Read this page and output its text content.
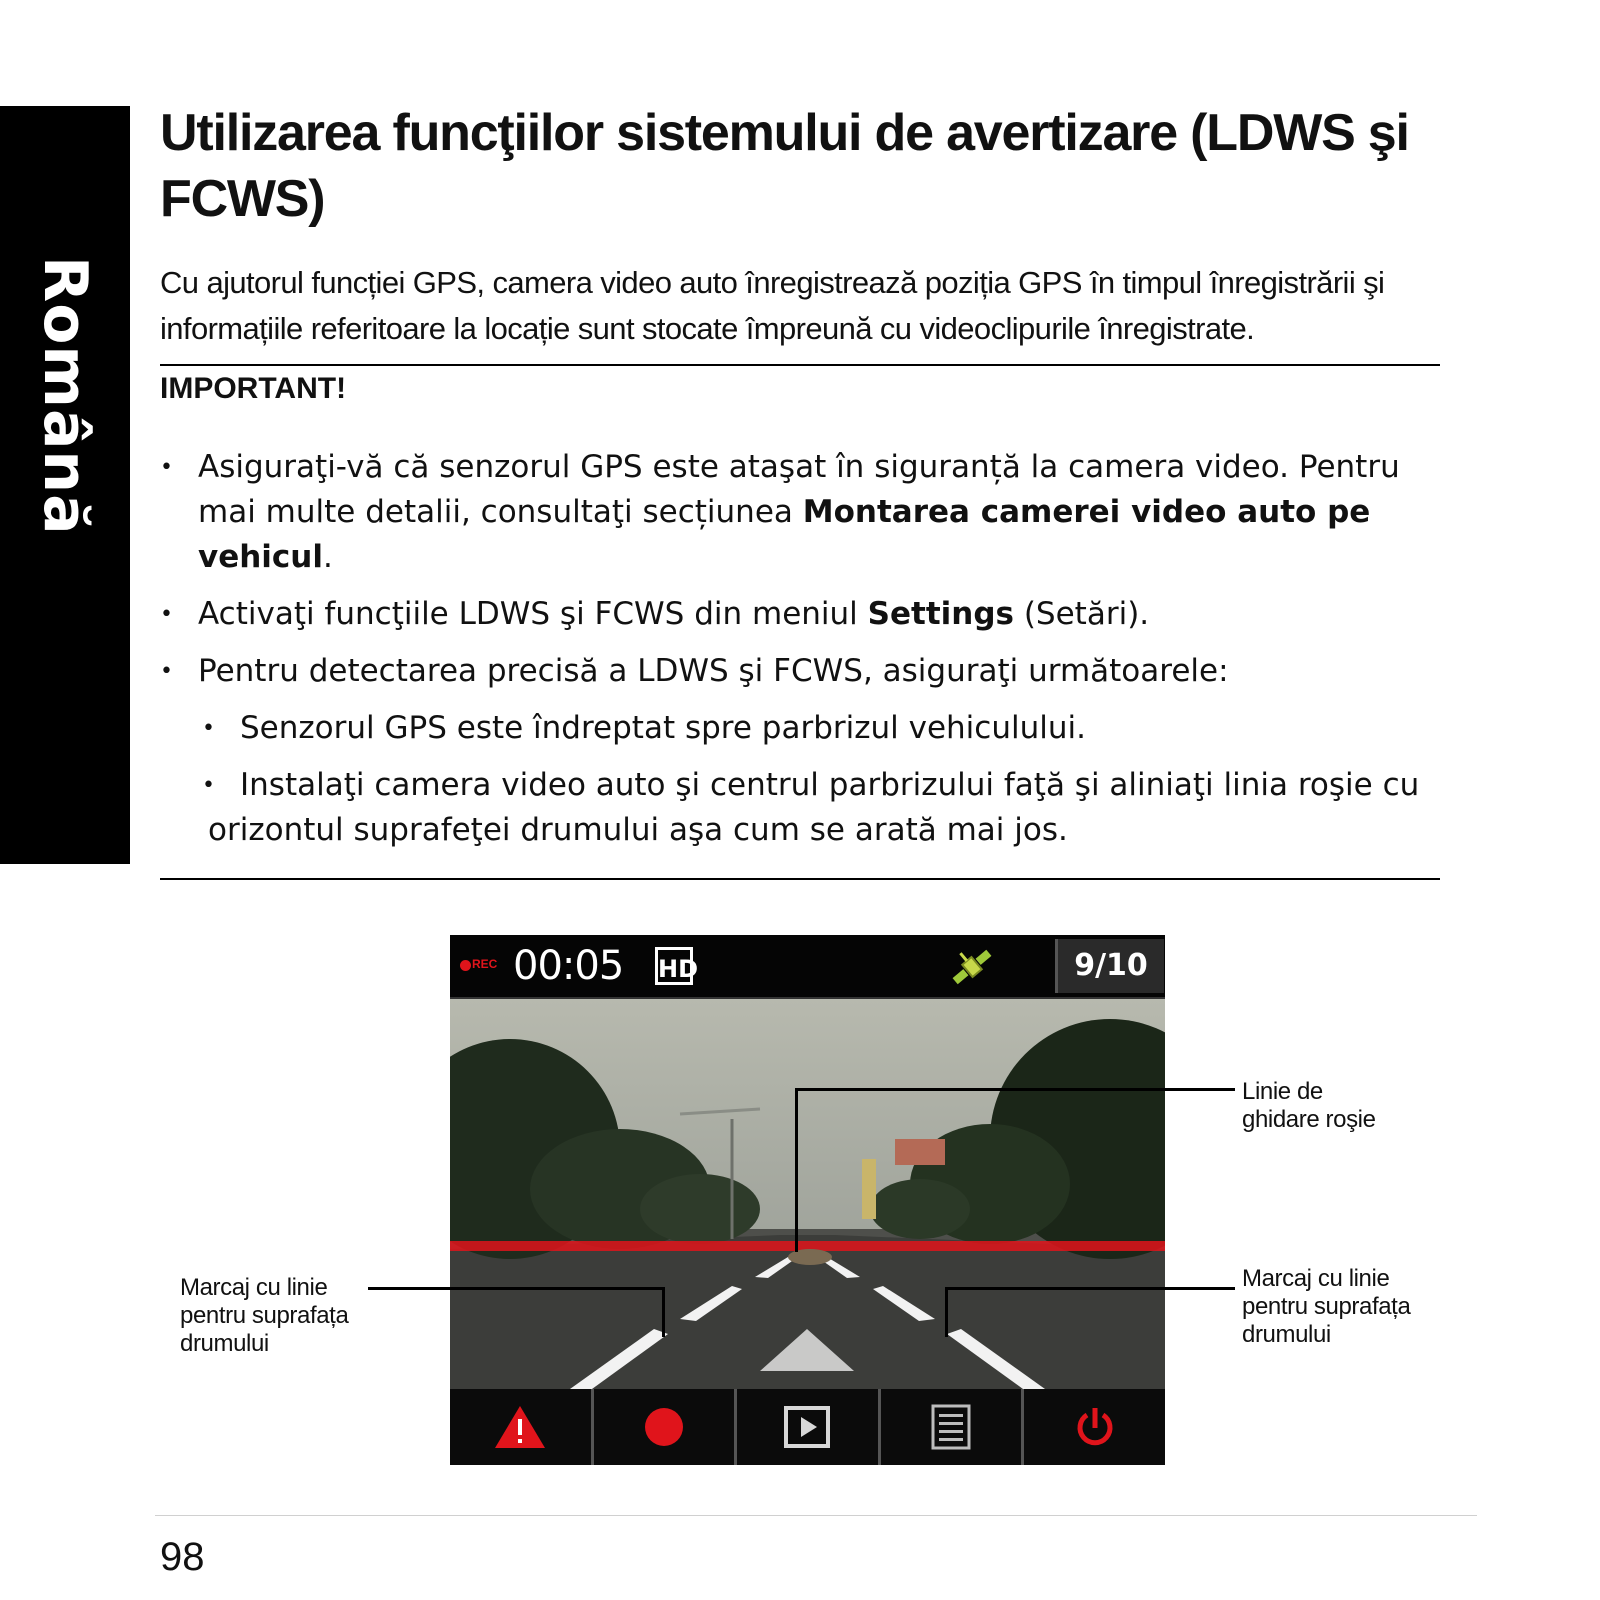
Română
Utilizarea funcţiilor sistemului de avertizare (LDWS şi FCWS)

Cu ajutorul funcției GPS, camera video auto înregistrează poziția GPS în timpul înregistrării şi informațiile referitoare la locație sunt stocate împreună cu videoclipurile înregistrate.

IMPORTANT!

• Asiguraţi-vă că senzorul GPS este ataşat în siguranță la camera video. Pentru mai multe detalii, consultaţi secțiunea Montarea camerei video auto pe vehicul.
• Activaţi funcţiile LDWS şi FCWS din meniul Settings (Setări).
• Pentru detectarea precisă a LDWS şi FCWS, asiguraţi următoarele:
• Senzorul GPS este îndreptat spre parbrizul vehiculului.
• Instalaţi camera video auto şi centrul parbrizului faţă şi aliniaţi linia roşie cu
orizontul suprafeţei drumului aşa cum se arată mai jos.
REC 00:05 HD	9/10
Linie de
ghidare roşie
Marcaj cu linie
pentru suprafața
drumului
Marcaj cu linie
pentru suprafața
drumului
98
